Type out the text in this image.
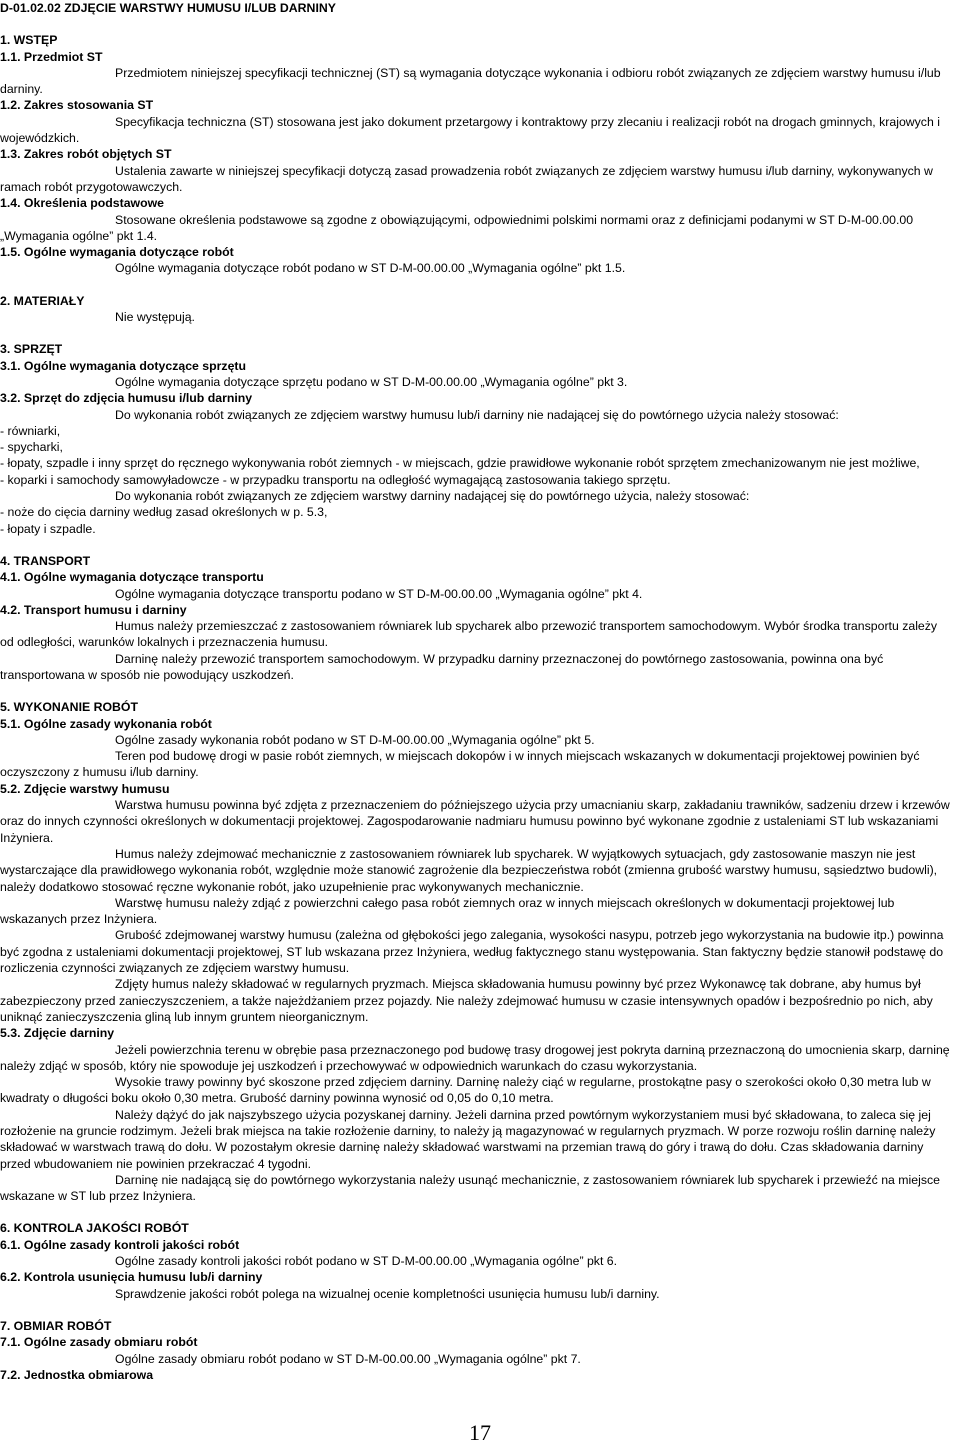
D-01.02.02 ZDJĘCIE WARSTWY HUMUSU I/LUB DARNINY
1. WSTĘP
1.1. Przedmiot ST
Przedmiotem niniejszej specyfikacji technicznej (ST) są wymagania dotyczące wykonania i odbioru robót związanych ze zdjęciem warstwy humusu i/lub darniny.
1.2. Zakres stosowania ST
Specyfikacja techniczna (ST) stosowana jest jako dokument przetargowy i kontraktowy przy zlecaniu i realizacji robót na drogach gminnych, krajowych i wojewódzkich.
1.3. Zakres robót objętych ST
Ustalenia zawarte w niniejszej specyfikacji dotyczą zasad prowadzenia robót związanych ze zdjęciem warstwy humusu i/lub darniny, wykonywanych w ramach robót przygotowawczych.
1.4. Określenia podstawowe
Stosowane określenia podstawowe są zgodne z obowiązującymi, odpowiednimi polskimi normami oraz z definicjami podanymi w ST D-M-00.00.00 „Wymagania ogólne” pkt 1.4.
1.5. Ogólne wymagania dotyczące robót
Ogólne wymagania dotyczące robót podano w ST D-M-00.00.00 „Wymagania ogólne” pkt 1.5.
2. MATERIAŁY
Nie występują.
3. SPRZĘT
3.1. Ogólne wymagania dotyczące sprzętu
Ogólne wymagania dotyczące sprzętu podano w ST D-M-00.00.00 „Wymagania ogólne” pkt 3.
3.2. Sprzęt do zdjęcia humusu i/lub darniny
Do wykonania robót związanych ze zdjęciem warstwy humusu lub/i darniny nie nadającej się do powtórnego użycia należy stosować:
- równiarki,
- spycharki,
- łopaty, szpadle i inny sprzęt do ręcznego wykonywania robót ziemnych - w miejscach, gdzie prawidłowe wykonanie robót sprzętem zmechanizowanym nie jest możliwe,
- koparki i samochody samowyładowcze - w przypadku transportu na odległość wymagającą zastosowania takiego sprzętu.
Do wykonania robót związanych ze zdjęciem warstwy darniny nadającej się do powtórnego użycia, należy stosować:
- noże do cięcia darniny według zasad określonych w p. 5.3,
- łopaty i szpadle.
4. TRANSPORT
4.1. Ogólne wymagania dotyczące transportu
Ogólne wymagania dotyczące transportu podano w ST D-M-00.00.00 „Wymagania ogólne” pkt 4.
4.2. Transport humusu i darniny
Humus należy przemieszczać z zastosowaniem równiarek lub spycharek albo przewozić transportem samochodowym. Wybór środka transportu zależy od odległości, warunków lokalnych i przeznaczenia humusu.
Darninę należy przewozić transportem samochodowym. W przypadku darniny przeznaczonej do powtórnego zastosowania, powinna ona być transportowana w sposób nie powodujący uszkodzeń.
5. WYKONANIE ROBÓT
5.1. Ogólne zasady wykonania robót
Ogólne zasady wykonania robót podano w ST D-M-00.00.00 „Wymagania ogólne” pkt 5.
Teren pod budowę drogi w pasie robót ziemnych, w miejscach dokopów i w innych miejscach wskazanych w dokumentacji projektowej powinien być oczyszczony z humusu i/lub darniny.
5.2. Zdjęcie warstwy humusu
Warstwa humusu powinna być zdjęta z przeznaczeniem do późniejszego użycia przy umacnianiu skarp, zakładaniu trawników, sadzeniu drzew i krzewów oraz do innych czynności określonych w dokumentacji projektowej. Zagospodarowanie nadmiaru humusu powinno być wykonane zgodnie z ustaleniami ST lub wskazaniami Inżyniera.
Humus należy zdejmować mechanicznie z zastosowaniem równiarek lub spycharek. W wyjątkowych sytuacjach, gdy zastosowanie maszyn nie jest wystarczające dla prawidłowego wykonania robót, względnie może stanowić zagrożenie dla bezpieczeństwa robót (zmienna grubość warstwy humusu, sąsiedztwo budowli), należy dodatkowo stosować ręczne wykonanie robót, jako uzupełnienie prac wykonywanych mechanicznie.
Warstwę humusu należy zdjąć z powierzchni całego pasa robót ziemnych oraz w innych miejscach określonych w dokumentacji projektowej lub wskazanych przez Inżyniera.
Grubość zdejmowanej warstwy humusu (zależna od głębokości jego zalegania, wysokości nasypu, potrzeb jego wykorzystania na budowie itp.) powinna być zgodna z ustaleniami dokumentacji projektowej, ST lub wskazana przez Inżyniera, według faktycznego stanu występowania. Stan faktyczny będzie stanowił podstawę do rozliczenia czynności związanych ze zdjęciem warstwy humusu.
Zdjęty humus należy składować w regularnych pryzmach. Miejsca składowania humusu powinny być przez Wykonawcę tak dobrane, aby humus był zabezpieczony przed zanieczyszczeniem, a także najeżdżaniem przez pojazdy. Nie należy zdejmować humusu w czasie intensywnych opadów i bezpośrednio po nich, aby uniknąć zanieczyszczenia gliną lub innym gruntem nieorganicznym.
5.3. Zdjęcie darniny
Jeżeli powierzchnia terenu w obrębie pasa przeznaczonego pod budowę trasy drogowej jest pokryta darniną przeznaczoną do umocnienia skarp, darninę należy zdjąć w sposób, który nie spowoduje jej uszkodzeń i przechowywać w odpowiednich warunkach do czasu wykorzystania.
Wysokie trawy powinny być skoszone przed zdjęciem darniny. Darninę należy ciąć w regularne, prostokątne pasy o szerokości około 0,30 metra lub w kwadraty o długości boku około 0,30 metra. Grubość darniny powinna wynosić od 0,05 do 0,10 metra.
Należy dążyć do jak najszybszego użycia pozyskanej darniny. Jeżeli darnina przed powtórnym wykorzystaniem musi być składowana, to zaleca się jej rozłożenie na gruncie rodzimym. Jeżeli brak miejsca na takie rozłożenie darniny, to należy ją magazynować w regularnych pryzmach. W porze rozwoju roślin darninę należy składować w warstwach trawą do dołu. W pozostałym okresie darninę należy składować warstwami na przemian trawą do góry i trawą do dołu. Czas składowania darniny przed wbudowaniem nie powinien przekraczać 4 tygodni.
Darninę nie nadającą się do powtórnego wykorzystania należy usunąć mechanicznie, z zastosowaniem równiarek lub spycharek i przewieźć na miejsce wskazane w ST lub przez Inżyniera.
6. KONTROLA JAKOŚCI ROBÓT
6.1. Ogólne zasady kontroli jakości robót
Ogólne zasady kontroli jakości robót podano w ST D-M-00.00.00 „Wymagania ogólne” pkt 6.
6.2. Kontrola usunięcia humusu lub/i darniny
Sprawdzenie jakości robót polega na wizualnej ocenie kompletności usunięcia humusu lub/i darniny.
7. OBMIAR ROBÓT
7.1. Ogólne zasady obmiaru robót
Ogólne zasady obmiaru robót podano w ST D-M-00.00.00 „Wymagania ogólne” pkt 7.
7.2. Jednostka obmiarowa
17
